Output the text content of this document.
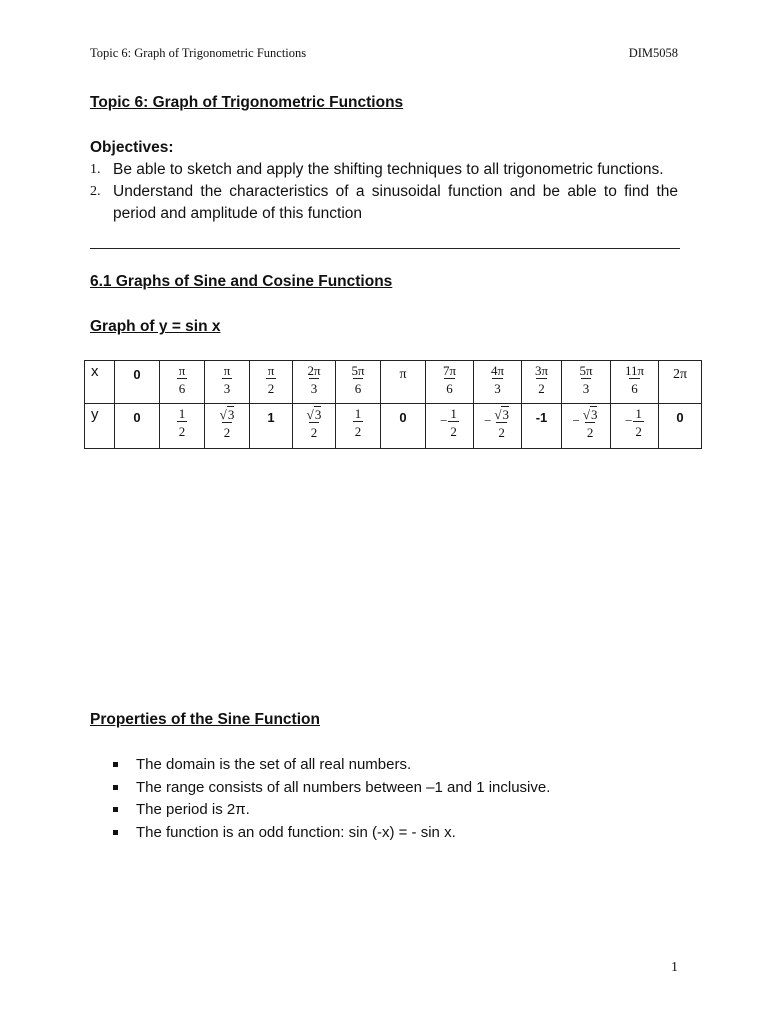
Topic 6: Graph of Trigonometric Functions	DIM5058
Topic 6: Graph of Trigonometric Functions
Objectives:
1. Be able to sketch and apply the shifting techniques to all trigonometric functions.
2. Understand the characteristics of a sinusoidal function and be able to find the period and amplitude of this function
6.1 Graphs of Sine and Cosine Functions
Graph of y = sin x
x	0	$\frac{\pi}{6}$	$\frac{\pi}{3}$	$\frac{\pi}{2}$	$\frac{2\pi}{3}$	$\frac{5\pi}{6}$	π	$\frac{7\pi}{6}$	$\frac{4\pi}{3}$	$\frac{3\pi}{2}$	$\frac{5\pi}{3}$	$\frac{11\pi}{6}$	2π
y	0	$\frac{1}{2}$	$\frac{√3}{2}$	1	$\frac{√3}{2}$	$\frac{1}{2}$	0	$^- \frac{1}{2}$	$^- \frac{√3}{2}$	-1	$^- \frac{√3}{2}$	$^- \frac{1}{2}$	0
Properties of the Sine Function
The domain is the set of all real numbers.
The range consists of all numbers between –1 and 1 inclusive.
The period is 2π.
The function is an odd function: sin (-x) = - sin x.
1
